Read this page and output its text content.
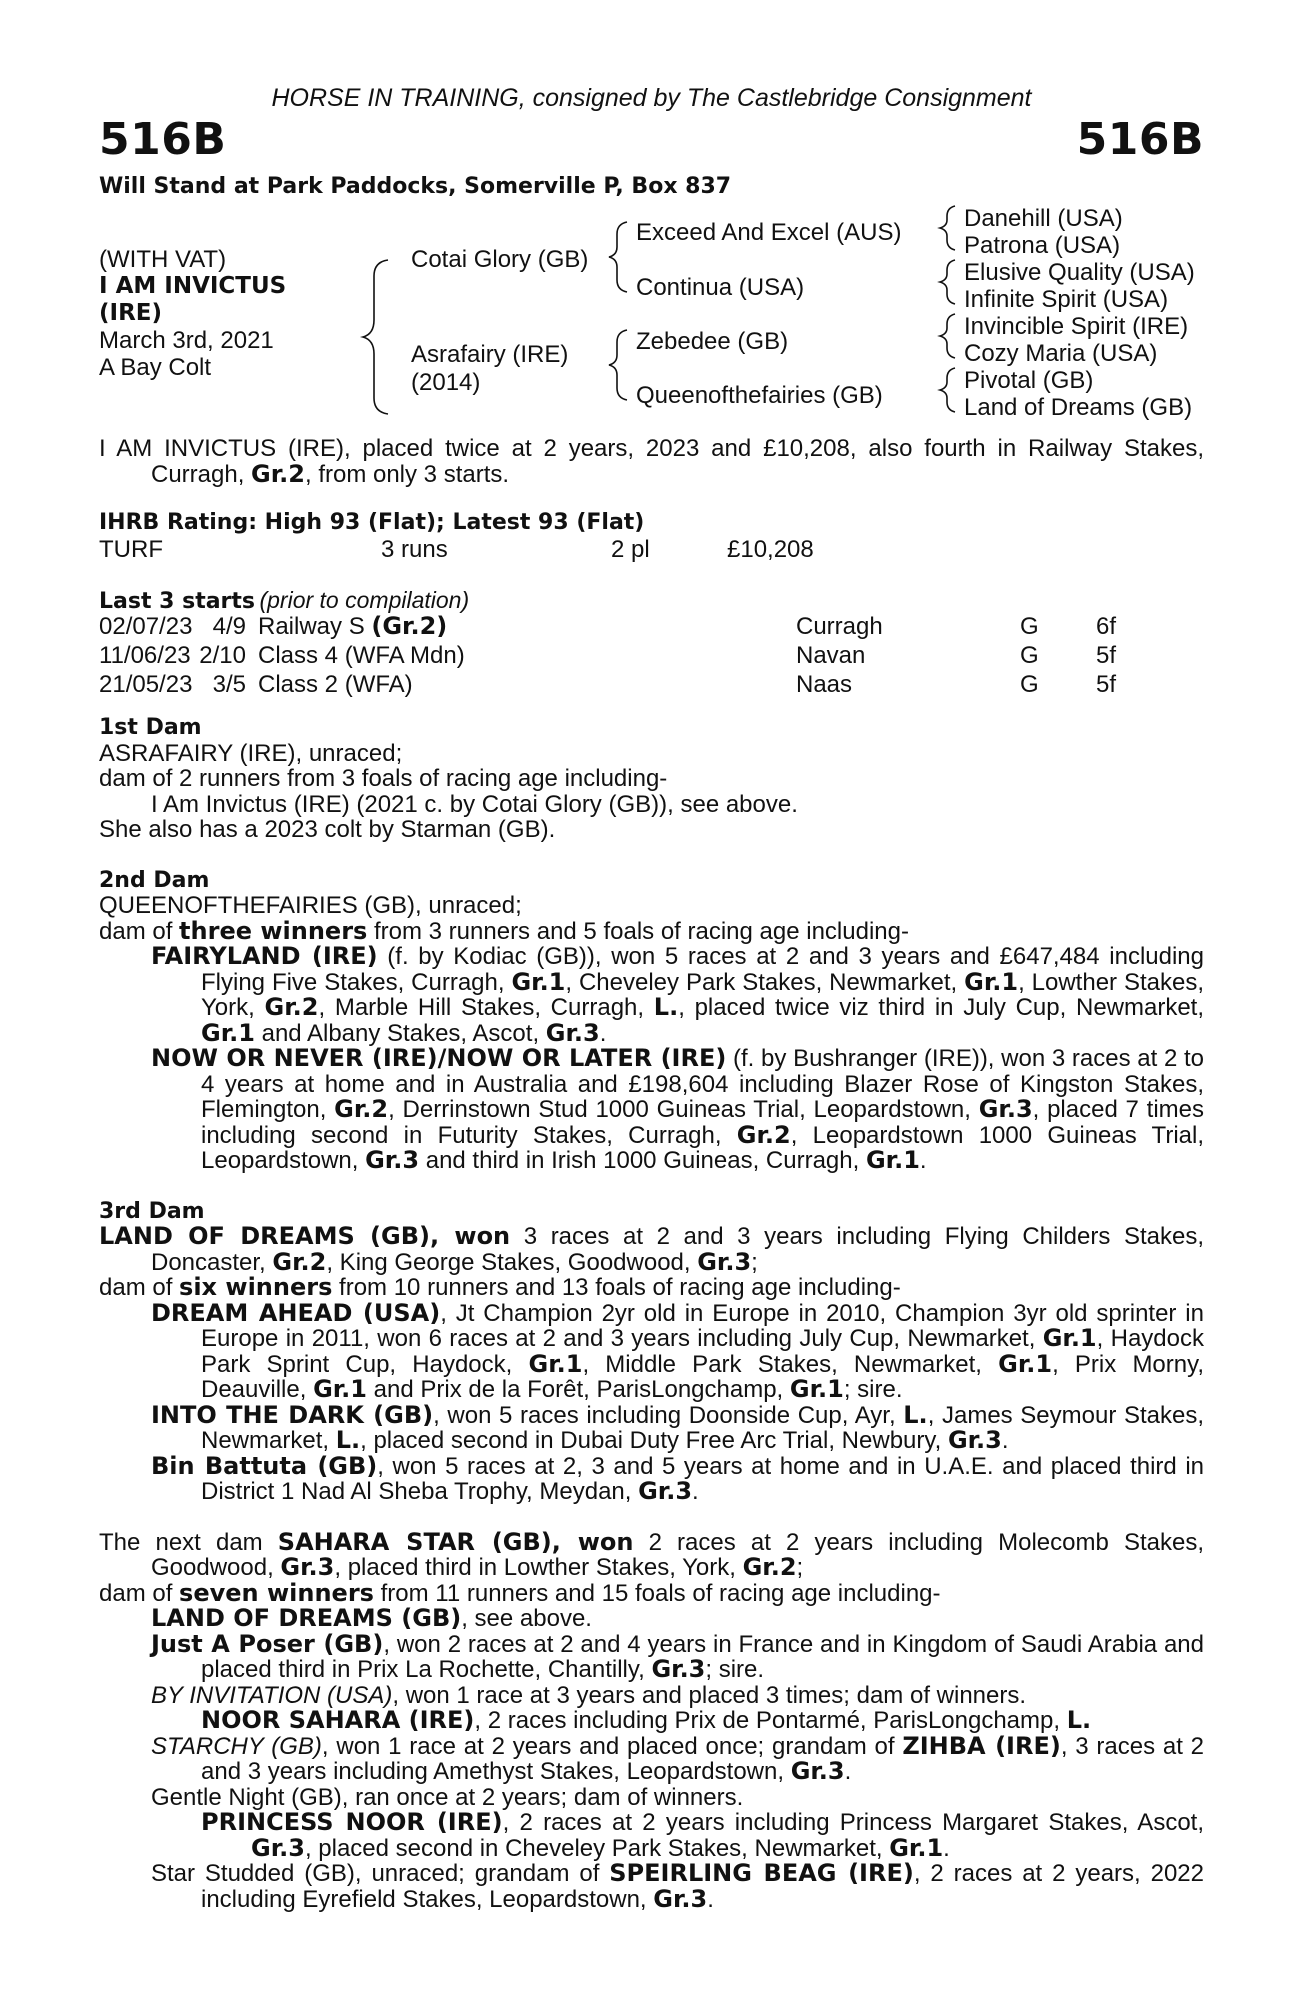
HORSE IN TRAINING, consigned by The Castlebridge Consignment
516B	516B
Will Stand at Park Paddocks, Somerville P, Box 837
(WITH VAT)
I AM INVICTUS
(IRE)
March 3rd, 2021
A Bay Colt
Cotai Glory (GB)
Asrafairy (IRE)
(2014)
Exceed And Excel (AUS)
Continua (USA)
Zebedee (GB)
Queenofthefairies (GB)
Danehill (USA)
Patrona (USA)
Elusive Quality (USA)
Infinite Spirit (USA)
Invincible Spirit (IRE)
Cozy Maria (USA)
Pivotal (GB)
Land of Dreams (GB)

I AM INVICTUS (IRE), placed twice at 2 years, 2023 and £10,208, also fourth in Railway Stakes, Curragh, Gr.2, from only 3 starts.

IHRB Rating: High 93 (Flat); Latest 93 (Flat)
TURF	3 runs	2 pl	£10,208
Last 3 starts (prior to compilation)
02/07/23	4/9	Railway S (Gr.2)	Curragh	G	6f
11/06/23	2/10	Class 4 (WFA Mdn)	Navan	G	5f
21/05/23	3/5	Class 2 (WFA)	Naas	G	5f

1st Dam

ASRAFAIRY (IRE), unraced;

dam of 2 runners from 3 foals of racing age including-

I Am Invictus (IRE) (2021 c. by Cotai Glory (GB)), see above.

She also has a 2023 colt by Starman (GB).

2nd Dam

QUEENOFTHEFAIRIES (GB), unraced;

dam of three winners from 3 runners and 5 foals of racing age including-

FAIRYLAND (IRE) (f. by Kodiac (GB)), won 5 races at 2 and 3 years and £647,484 including Flying Five Stakes, Curragh, Gr.1, Cheveley Park Stakes, Newmarket, Gr.1, Lowther Stakes, York, Gr.2, Marble Hill Stakes, Curragh, L., placed twice viz third in July Cup, Newmarket, Gr.1 and Albany Stakes, Ascot, Gr.3.

NOW OR NEVER (IRE)/NOW OR LATER (IRE) (f. by Bushranger (IRE)), won 3 races at 2 to 4 years at home and in Australia and £198,604 including Blazer Rose of Kingston Stakes, Flemington, Gr.2, Derrinstown Stud 1000 Guineas Trial, Leopardstown, Gr.3, placed 7 times including second in Futurity Stakes, Curragh, Gr.2, Leopardstown 1000 Guineas Trial, Leopardstown, Gr.3 and third in Irish 1000 Guineas, Curragh, Gr.1.

3rd Dam

LAND OF DREAMS (GB), won 3 races at 2 and 3 years including Flying Childers Stakes, Doncaster, Gr.2, King George Stakes, Goodwood, Gr.3;

dam of six winners from 10 runners and 13 foals of racing age including-

DREAM AHEAD (USA), Jt Champion 2yr old in Europe in 2010, Champion 3yr old sprinter in Europe in 2011, won 6 races at 2 and 3 years including July Cup, Newmarket, Gr.1, Haydock Park Sprint Cup, Haydock, Gr.1, Middle Park Stakes, Newmarket, Gr.1, Prix Morny, Deauville, Gr.1 and Prix de la Forêt, ParisLongchamp, Gr.1; sire.

INTO THE DARK (GB), won 5 races including Doonside Cup, Ayr, L., James Seymour Stakes, Newmarket, L., placed second in Dubai Duty Free Arc Trial, Newbury, Gr.3.

Bin Battuta (GB), won 5 races at 2, 3 and 5 years at home and in U.A.E. and placed third in District 1 Nad Al Sheba Trophy, Meydan, Gr.3.

The next dam SAHARA STAR (GB), won 2 races at 2 years including Molecomb Stakes, Goodwood, Gr.3, placed third in Lowther Stakes, York, Gr.2;

dam of seven winners from 11 runners and 15 foals of racing age including-

LAND OF DREAMS (GB), see above.

Just A Poser (GB), won 2 races at 2 and 4 years in France and in Kingdom of Saudi Arabia and placed third in Prix La Rochette, Chantilly, Gr.3; sire.

BY INVITATION (USA), won 1 race at 3 years and placed 3 times; dam of winners.

NOOR SAHARA (IRE), 2 races including Prix de Pontarmé, ParisLongchamp, L.

STARCHY (GB), won 1 race at 2 years and placed once; grandam of ZIHBA (IRE), 3 races at 2 and 3 years including Amethyst Stakes, Leopardstown, Gr.3.

Gentle Night (GB), ran once at 2 years; dam of winners.

PRINCESS NOOR (IRE), 2 races at 2 years including Princess Margaret Stakes, Ascot, Gr.3, placed second in Cheveley Park Stakes, Newmarket, Gr.1.

Star Studded (GB), unraced; grandam of SPEIRLING BEAG (IRE), 2 races at 2 years, 2022 including Eyrefield Stakes, Leopardstown, Gr.3.
